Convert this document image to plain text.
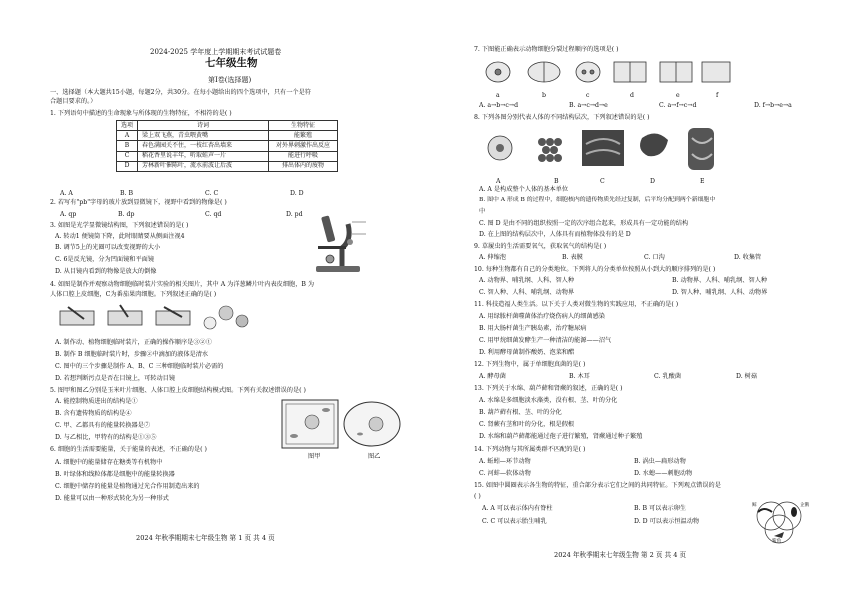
2024-2025 学年度上学期期末考试试题卷
七年级生物
第Ⅰ卷(选择题)
一、选择题（本大题共15小题，每题2分，共30分。在每小题给出的四个选项中，只有一个是符
合题目要求的。）
1. 下列语句中描述的生命现象与所体现的生物特征，不相符的是( )
选项	诗词	生物特征
A	梁上双飞燕，青虫喂黄嘴	能繁殖
B	春色满园关不住，一枝红杏出墙来	对外界刺激作出反应
C	稻花香里说丰年，听取蛙声一片	能进行呼吸
D	芳林新叶催陈叶，流水前波让后波	排出体内的废物
A. A	B. B	C. C	D. D
2. 若写有"pb"字母的玻片放到显微镜下，视野中看到的物像是( )
A. qp	B. dp	C. qd	D. pd
3. 如图是光学显微镜结构图，下列叙述错误的是( )
A. 转动1 便镜筒下降，此时眼睛要从侧面注视4
B. 调节5上的光圈可以改变视野的大小
C. 6是反光镜，分为凹面镜和平面镜
D. 从目镜内看到的物像是放大的倒像
4. 如图是制作并观察动物细胞临时装片实验的相关图片，其中 A 为洋葱鳞片叶内表皮细胞，B 为
人体口腔上皮细胞，C为番茄果肉细胞。下列叙述正确的是( )
A. 制作动、植物细胞临时装片，正确的操作顺序是③②①
B. 制作 B 细胞临时装片时，步骤②中滴加的液体是清水
C. 图中的三个步骤是制作 A、B、C 三种细胞临时装片必需的
D. 若想判断污点是否在目镜上，可转动目镜
5. 图甲和图乙分别是玉米叶片细胞、人体口腔上皮细胞结构模式图。下列有关叙述错误的是( )
A. 能控制物质进出的结构是①
B. 含有遗传物质的结构是④
C. 甲、乙都具有的能量转换器是⑦
D. 与乙相比，甲特有的结构是①③⑤
图甲	图乙
6. 细胞的生活需要能量，关于能量的表述，不正确的是( )
A. 细胞中的能量储存在糖类等有机物中
B. 叶绿体和线粒体都是细胞中的能量转换器
C. 细胞中储存的能量是植物通过光合作用制造出来的
D. 能量可以由一种形式转化为另一种形式
2024 年秋季期期末七年级生物 第 1 页 共 4 页
7. 下图能正确表示动物细胞分裂过程顺序的选项是( )
a	b	c	d	e	f
A. a→b→c→d	B. a→c→d→e	C. a→f→c→d	D. f→b→e→a
8. 下列各图分别代表人体的不同结构层次，下列叙述错误的是( )
A	B	C	D	E
A. A 是构成整个人体的基本单位
B. 图中 A 形成 B 的过程中，细胞核内的遗传物质先经过复制，后平均分配到两个新细胞中
中
C. 图 D 是由不同的组织按照一定的次序组合起来，形成具有一定功能的结构
D. 在上图的结构层次中，人体具有而植物体没有的是 D
9. 草履虫的生活需要氧气，获取氧气的结构是( )
A. 伸缩泡	B. 表膜	C. 口沟	D. 收集管
10. 每种生物都有自己的分类地位。下列将人的分类单位按照从小到大的顺序排列的是( )
A. 动物界、哺乳纲、人科、智人种	B. 动物界、人科、哺乳纲、智人种
C. 智人种、人科、哺乳纲、动物界	D. 智人种、哺乳纲、人科、动物界
11. 科技造福人类生活。以下关于人类对微生物的实践应用，不正确的是( )
A. 用绿脓杆菌噬菌体治疗烧伤病人的细菌感染
B. 用大肠杆菌生产胰岛素，治疗糖尿病
C. 用甲烷细菌发酵生产一种清洁的能源——沼气
D. 利用酵母菌制作酸奶、泡菜和醋
12. 下列生物中，属于单细胞真菌的是( )
A. 酵母菌	B. 木耳	C. 乳酸菌	D. 树菇
13. 下列关于水绵、葫芦藓和肾蕨的叙述，正确的是( )
A. 水绵是多细胞淡水藻类，没有根、茎、叶的分化
B. 葫芦藓有根、茎、叶的分化
C. 肾蕨有茎和叶的分化，根是假根
D. 水绵和葫芦藓都能通过孢子进行繁殖，肾蕨通过种子繁殖
14. 下列动物与其所属类群不匹配的是( )
A. 蚯蚓—环节动物	B. 涡虫—扁形动物
C. 河蚌—软体动物	D. 水螅——刺胞动物
15. 如图中圆圈表示各生物的特征，重合部分表示它们之间的共同特征。下列观点错误的是
( )
A. A 可以表示体内有脊柱	B. B 可以表示卵生
C. C 可以表示胎生哺乳	D. D 可以表示恒温动物
鲸	企鹅
鲨鱼
2024 年秋季期末七年级生物 第 2 页 共 4 页
